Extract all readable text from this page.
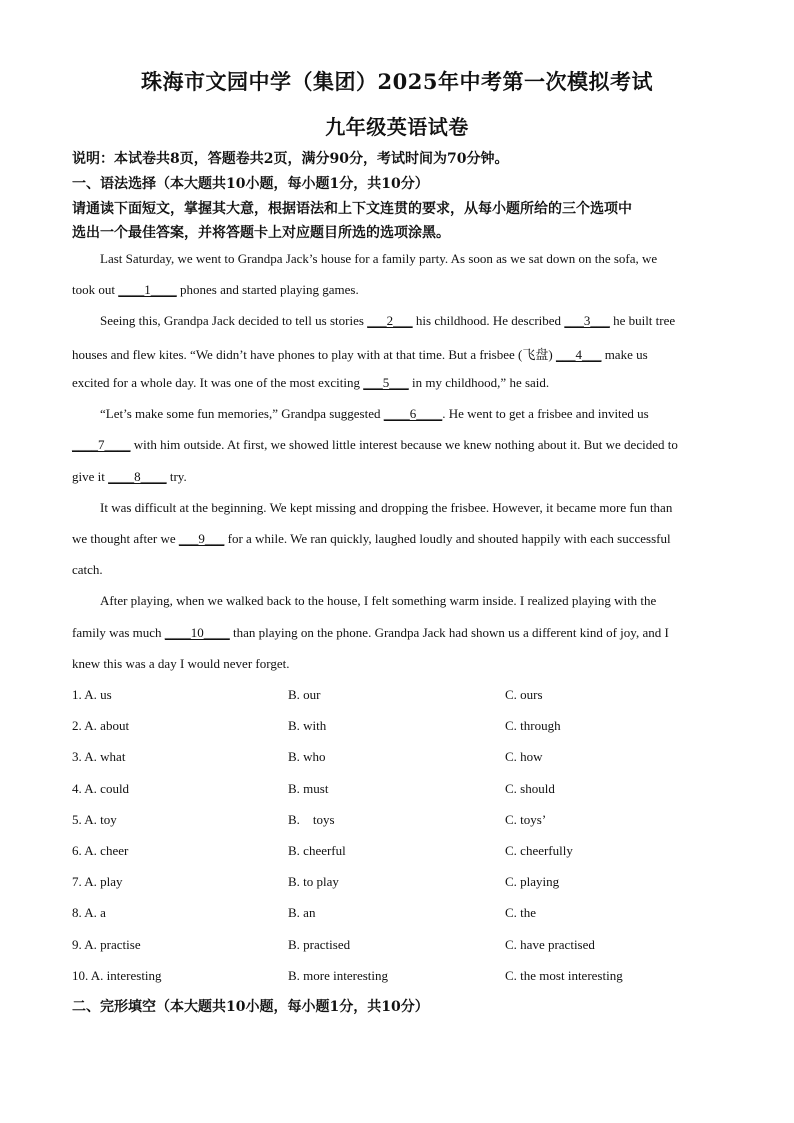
珠海市文园中学（集团）2025年中考第一次模拟考试
九年级英语试卷
说明：本试卷共8页，答题卷共2页，满分90分，考试时间为70分钟。
一、语法选择（本大题共10小题，每小题1分，共10分）
请通读下面短文，掌握其大意，根据语法和上下文连贯的要求，从每小题所给的三个选项中
选出一个最佳答案，并将答题卡上对应题目所选的选项涂黑。
Last Saturday, we went to Grandpa Jack’s house for a family party. As soon as we sat down on the sofa, we
took out ____1____ phones and started playing games.
Seeing this, Grandpa Jack decided to tell us stories ___2___ his childhood. He described ___3___ he built tree
houses and flew kites. “We didn’t have phones to play with at that time. But a frisbee (飞盘) ___4___ make us
excited for a whole day. It was one of the most exciting ___5___ in my childhood,” he said.
“Let’s make some fun memories,” Grandpa suggested ____6____. He went to get a frisbee and invited us
____7____ with him outside. At first, we showed little interest because we knew nothing about it. But we decided to
give it ____8____ try.
It was difficult at the beginning. We kept missing and dropping the frisbee. However, it became more fun than
we thought after we ___9___ for a while. We ran quickly, laughed loudly and shouted happily with each successful
catch.
After playing, when we walked back to the house, I felt something warm inside. I realized playing with the
family was much ____10____ than playing on the phone. Grandpa Jack had shown us a different kind of joy, and I
knew this was a day I would never forget.
1. A. us	B. our	C. ours
2. A. about	B. with	C. through
3. A. what	B. who	C. how
4. A. could	B. must	C. should
5. A. toy	B.    toys	C. toys’
6. A. cheer	B. cheerful	C. cheerfully
7. A. play	B. to play	C. playing
8. A. a	B. an	C. the
9. A. practise	B. practised	C. have practised
10. A. interesting	B. more interesting	C. the most interesting
二、完形填空（本大题共10小题，每小题1分，共10分）
